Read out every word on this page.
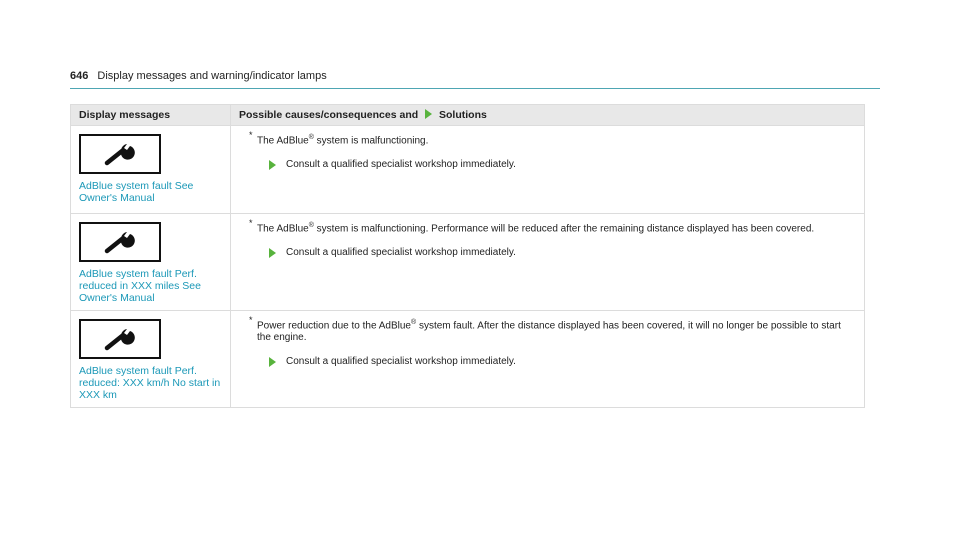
646 Display messages and warning/indicator lamps
Display messages	Possible causes/consequences and Solutions

AdBlue system fault See Owner's Manual	*
The AdBlue® system is malfunctioning.
Consult a qualified specialist workshop immediately.

AdBlue system fault Perf. reduced in XXX miles See Owner's Manual	*
The AdBlue® system is malfunctioning. Performance will be reduced after the remaining distance displayed has been covered.
Consult a qualified specialist workshop immediately.

AdBlue system fault Perf. reduced: XXX km/h No start in XXX km	*
Power reduction due to the AdBlue® system fault. After the distance displayed has been covered, it will no longer be possible to start the engine.
Consult a qualified specialist workshop immediately.
